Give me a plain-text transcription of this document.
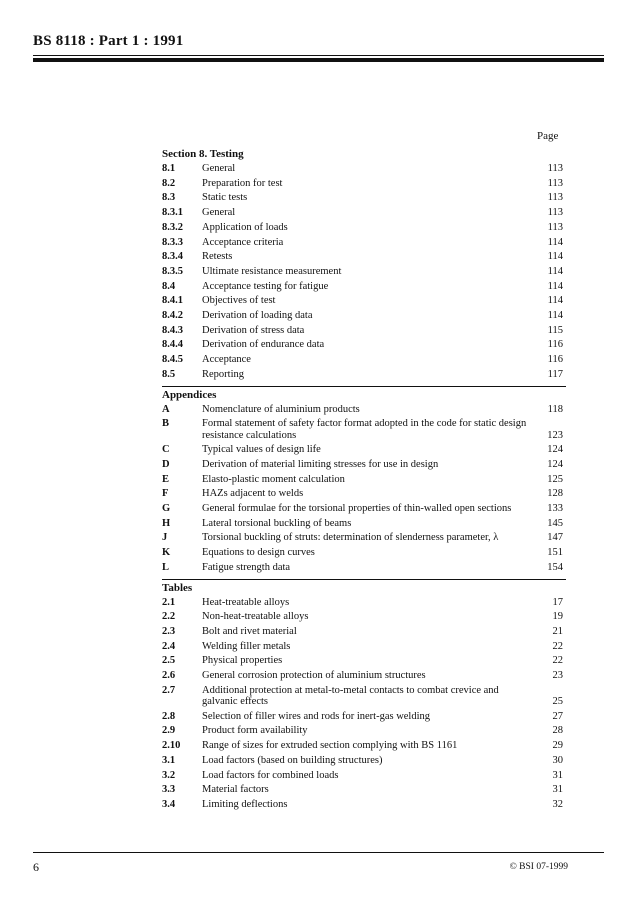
BS 8118 : Part 1 : 1991
Page
Section 8. Testing
8.1	General	113
8.2	Preparation for test	113
8.3	Static tests	113
8.3.1 General	113
8.3.2 Application of loads	113
8.3.3 Acceptance criteria	114
8.3.4 Retests	114
8.3.5 Ultimate resistance measurement	114
8.4	Acceptance testing for fatigue	114
8.4.1 Objectives of test	114
8.4.2 Derivation of loading data	114
8.4.3 Derivation of stress data	115
8.4.4 Derivation of endurance data	116
8.4.5 Acceptance	116
8.5	Reporting	117
Appendices
A	Nomenclature of aluminium products	118
B	Formal statement of safety factor format adopted in the code for static design resistance calculations	123
C	Typical values of design life	124
D	Derivation of material limiting stresses for use in design	124
E	Elasto-plastic moment calculation	125
F	HAZs adjacent to welds	128
G	General formulae for the torsional properties of thin-walled open sections	133
H	Lateral torsional buckling of beams	145
J	Torsional buckling of struts: determination of slenderness parameter, λ	147
K	Equations to design curves	151
L	Fatigue strength data	154
Tables
2.1	Heat-treatable alloys	17
2.2	Non-heat-treatable alloys	19
2.3	Bolt and rivet material	21
2.4	Welding filler metals	22
2.5	Physical properties	22
2.6	General corrosion protection of aluminium structures	23
2.7	Additional protection at metal-to-metal contacts to combat crevice and galvanic effects	25
2.8	Selection of filler wires and rods for inert-gas welding	27
2.9	Product form availability	28
2.10 Range of sizes for extruded section complying with BS 1161	29
3.1	Load factors (based on building structures)	30
3.2	Load factors for combined loads	31
3.3	Material factors	31
3.4	Limiting deflections	32
6	© BSI 07-1999
